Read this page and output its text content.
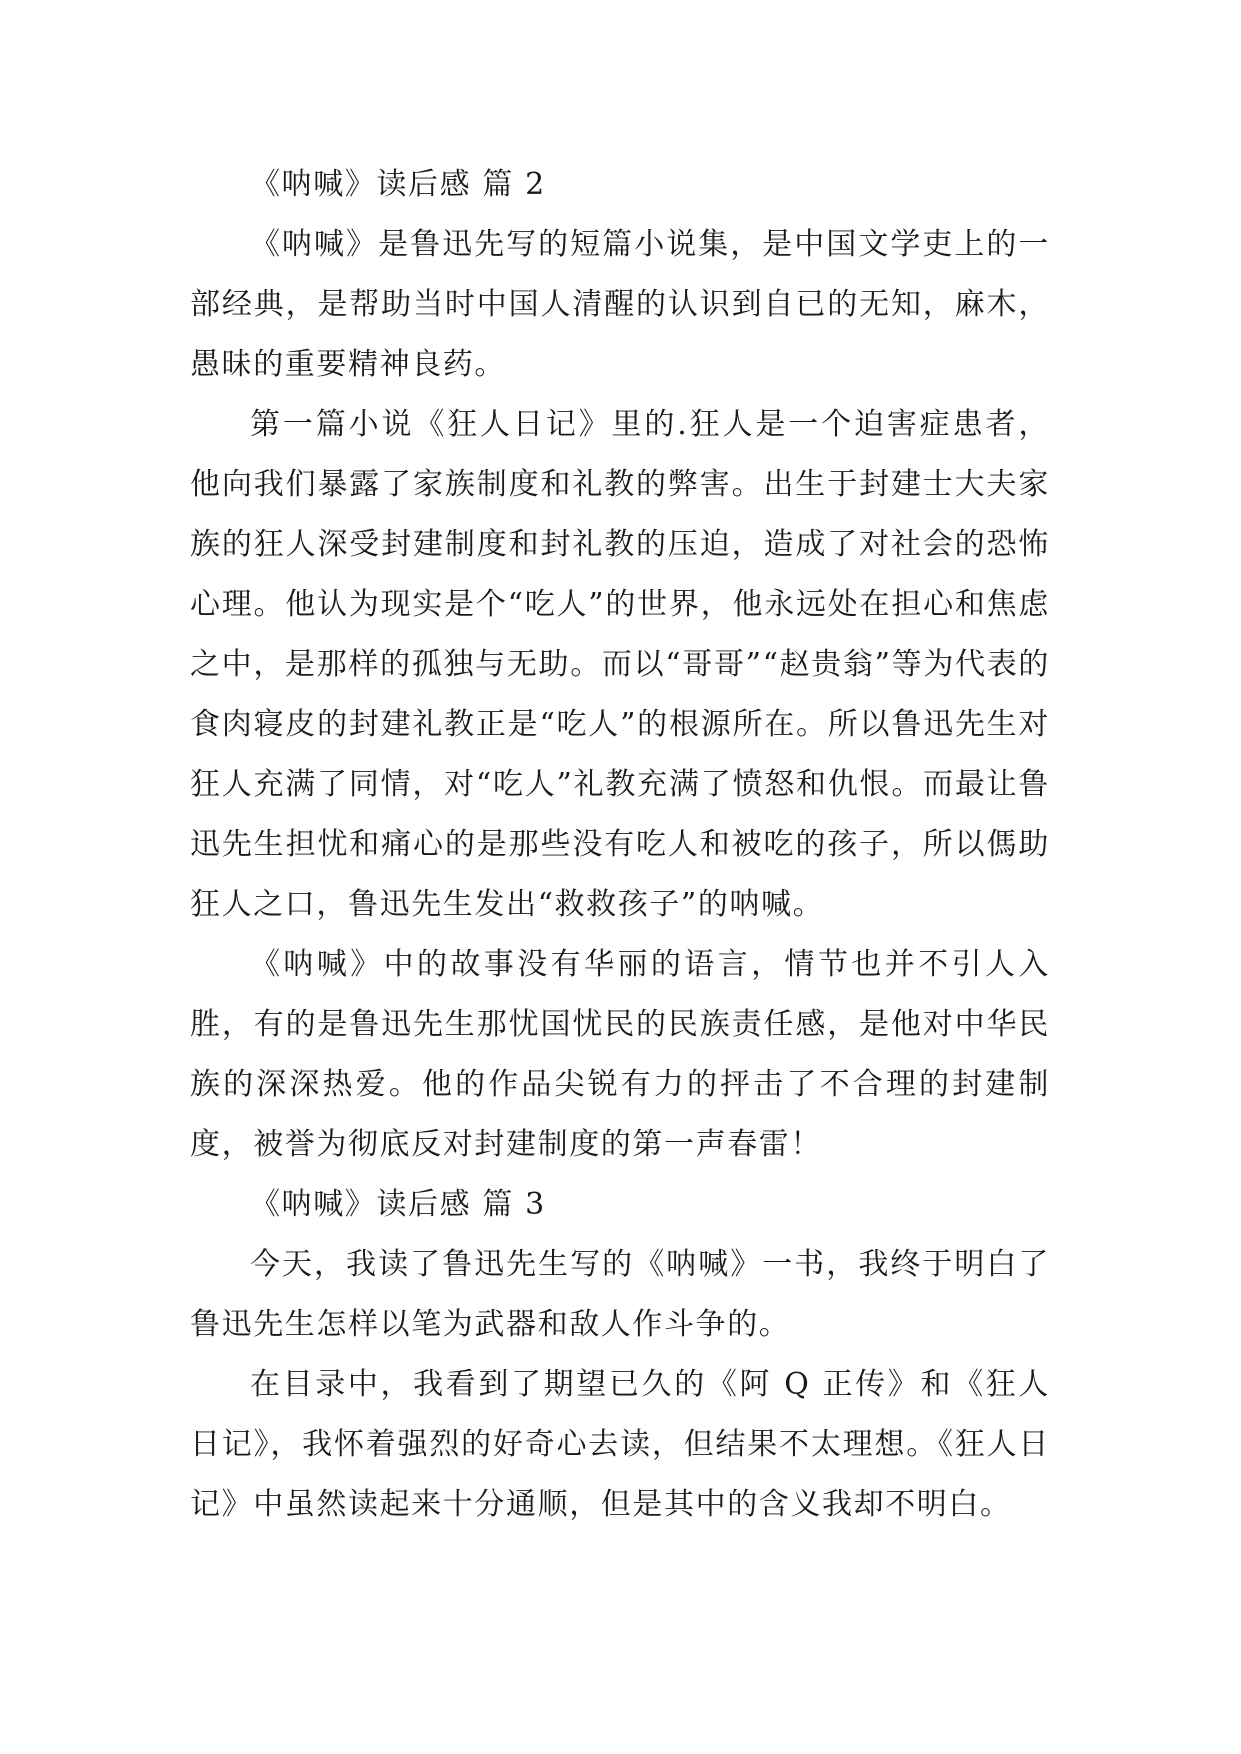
《呐喊》读后感 篇 2

《呐喊》是鲁迅先写的短篇小说集，是中国文学吏上的一部经典，是帮助当时中国人清醒的认识到自已的无知，麻木，愚昧的重要精神良药。

第一篇小说《狂人日记》里的.狂人是一个迫害症患者，他向我们暴露了家族制度和礼教的弊害。出生于封建士大夫家族的狂人深受封建制度和封礼教的压迫，造成了对社会的恐怖心理。他认为现实是个“吃人”的世界，他永远处在担心和焦虑之中，是那样的孤独与无助。而以“哥哥”“赵贵翁”等为代表的食肉寝皮的封建礼教正是“吃人”的根源所在。所以鲁迅先生对狂人充满了同情，对“吃人”礼教充满了愤怒和仇恨。而最让鲁迅先生担忧和痛心的是那些没有吃人和被吃的孩子，所以傌助狂人之口，鲁迅先生发出“救救孩子”的呐喊。

《呐喊》中的故事没有华丽的语言，情节也并不引人入胜，有的是鲁迅先生那忧国忧民的民族责任感，是他对中华民族的深深热爱。他的作品尖锐有力的抨击了不合理的封建制度，被誉为彻底反对封建制度的第一声春雷！

《呐喊》读后感 篇 3

今天，我读了鲁迅先生写的《呐喊》一书，我终于明白了鲁迅先生怎样以笔为武器和敌人作斗争的。

在目录中，我看到了期望已久的《阿 Q 正传》和《狂人日记》，我怀着强烈的好奇心去读，但结果不太理想。《狂人日记》中虽然读起来十分通顺，但是其中的含义我却不明白。
